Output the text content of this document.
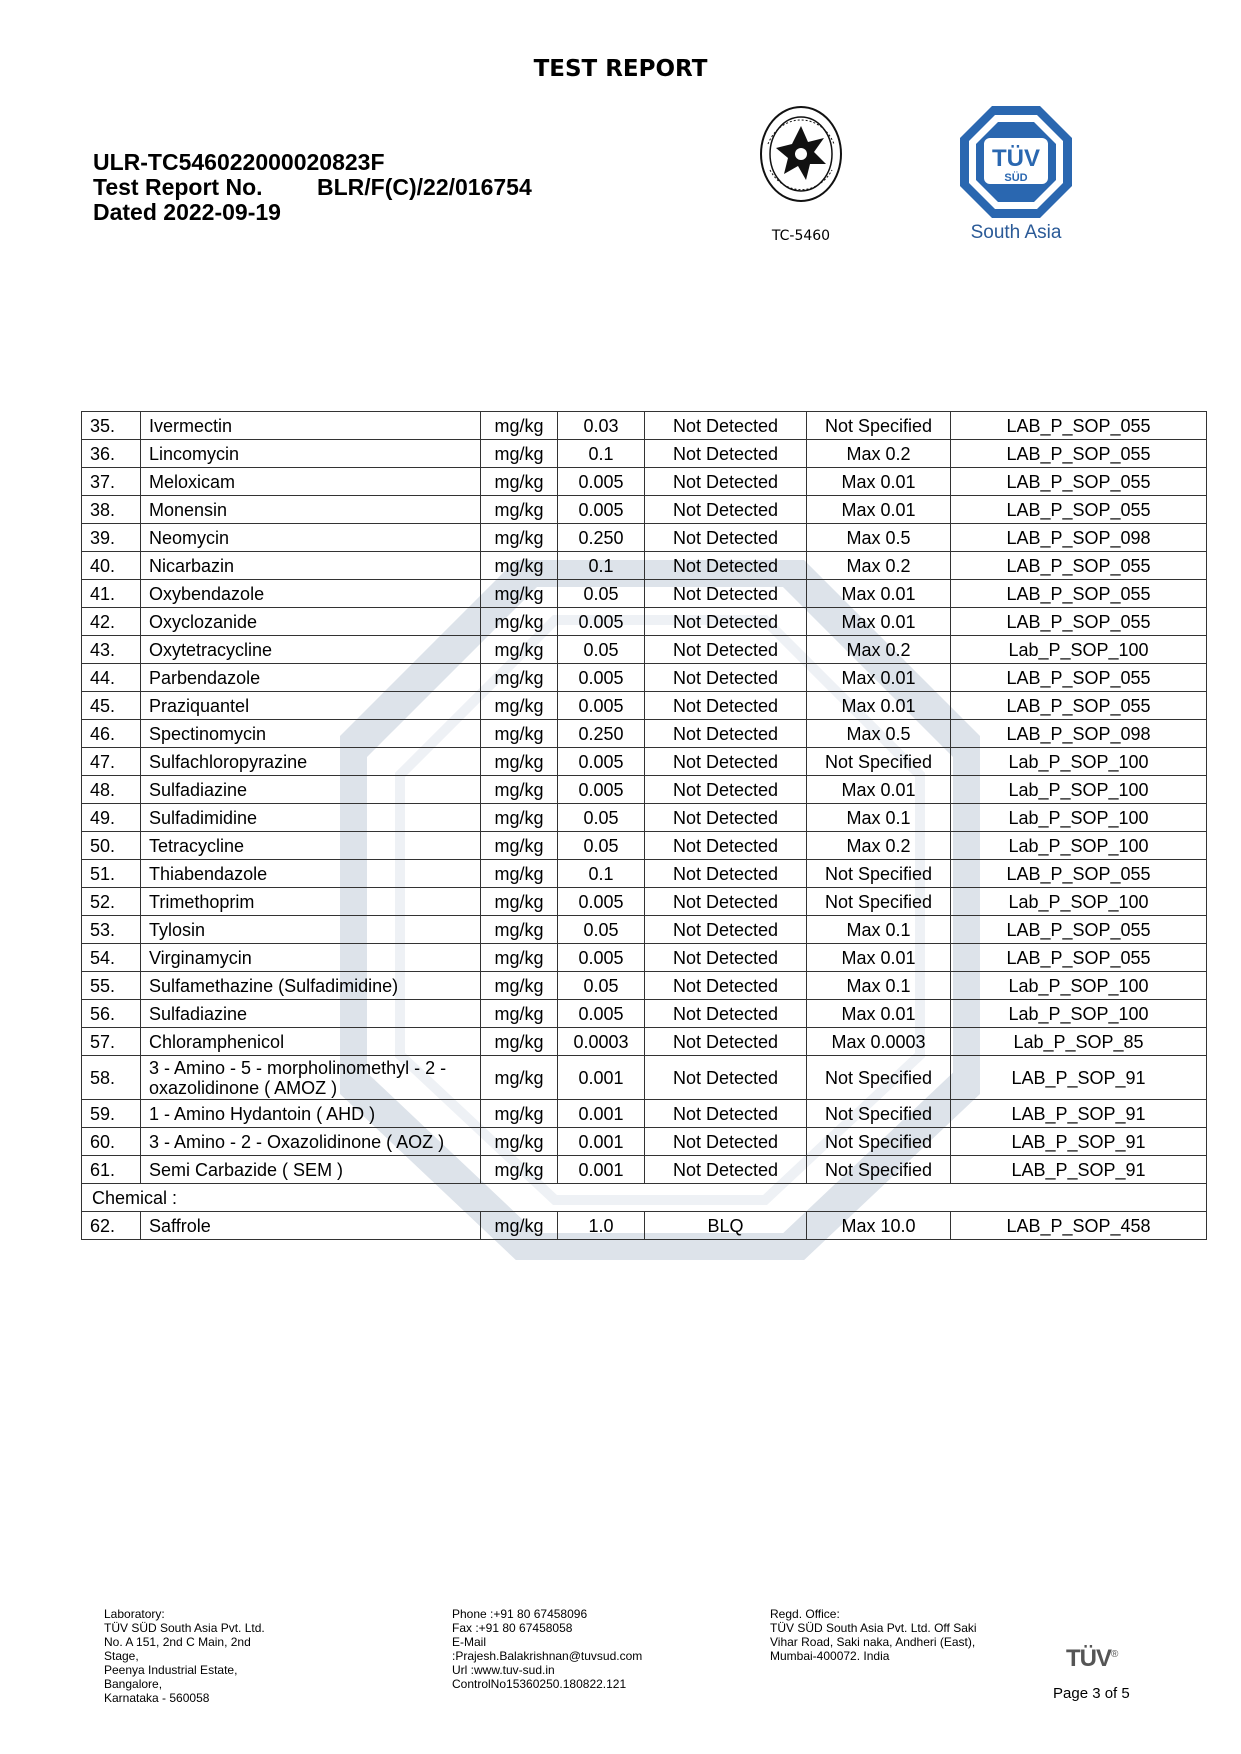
TEST REPORT
ULR-TC546022000020823F
Test Report No. BLR/F(C)/22/016754
Dated 2022-09-19
TC-5460
TÜV
SÜD
South Asia
35.	Ivermectin	mg/kg	0.03	Not Detected	Not Specified	LAB_P_SOP_055
36.	Lincomycin	mg/kg	0.1	Not Detected	Max 0.2	LAB_P_SOP_055
37.	Meloxicam	mg/kg	0.005	Not Detected	Max 0.01	LAB_P_SOP_055
38.	Monensin	mg/kg	0.005	Not Detected	Max 0.01	LAB_P_SOP_055
39.	Neomycin	mg/kg	0.250	Not Detected	Max 0.5	LAB_P_SOP_098
40.	Nicarbazin	mg/kg	0.1	Not Detected	Max 0.2	LAB_P_SOP_055
41.	Oxybendazole	mg/kg	0.05	Not Detected	Max 0.01	LAB_P_SOP_055
42.	Oxyclozanide	mg/kg	0.005	Not Detected	Max 0.01	LAB_P_SOP_055
43.	Oxytetracycline	mg/kg	0.05	Not Detected	Max 0.2	Lab_P_SOP_100
44.	Parbendazole	mg/kg	0.005	Not Detected	Max 0.01	LAB_P_SOP_055
45.	Praziquantel	mg/kg	0.005	Not Detected	Max 0.01	LAB_P_SOP_055
46.	Spectinomycin	mg/kg	0.250	Not Detected	Max 0.5	LAB_P_SOP_098
47.	Sulfachloropyrazine	mg/kg	0.005	Not Detected	Not Specified	Lab_P_SOP_100
48.	Sulfadiazine	mg/kg	0.005	Not Detected	Max 0.01	Lab_P_SOP_100
49.	Sulfadimidine	mg/kg	0.05	Not Detected	Max 0.1	Lab_P_SOP_100
50.	Tetracycline	mg/kg	0.05	Not Detected	Max 0.2	Lab_P_SOP_100
51.	Thiabendazole	mg/kg	0.1	Not Detected	Not Specified	LAB_P_SOP_055
52.	Trimethoprim	mg/kg	0.005	Not Detected	Not Specified	Lab_P_SOP_100
53.	Tylosin	mg/kg	0.05	Not Detected	Max 0.1	LAB_P_SOP_055
54.	Virginamycin	mg/kg	0.005	Not Detected	Max 0.01	LAB_P_SOP_055
55.	Sulfamethazine (Sulfadimidine)	mg/kg	0.05	Not Detected	Max 0.1	Lab_P_SOP_100
56.	Sulfadiazine	mg/kg	0.005	Not Detected	Max 0.01	Lab_P_SOP_100
57.	Chloramphenicol	mg/kg	0.0003	Not Detected	Max 0.0003	Lab_P_SOP_85
58.	3 - Amino - 5 - morpholinomethyl - 2 - oxazolidinone ( AMOZ )	mg/kg	0.001	Not Detected	Not Specified	LAB_P_SOP_91
59.	1 - Amino Hydantoin ( AHD )	mg/kg	0.001	Not Detected	Not Specified	LAB_P_SOP_91
60.	3 - Amino - 2 - Oxazolidinone ( AOZ )	mg/kg	0.001	Not Detected	Not Specified	LAB_P_SOP_91
61.	Semi Carbazide ( SEM )	mg/kg	0.001	Not Detected	Not Specified	LAB_P_SOP_91
Chemical :						
62.	Saffrole	mg/kg	1.0	BLQ	Max 10.0	LAB_P_SOP_458
Laboratory:
TÜV SÜD South Asia Pvt. Ltd.
No. A 151, 2nd C Main, 2nd
Stage,
Peenya Industrial Estate,
Bangalore,
Karnataka - 560058
Phone :+91 80 67458096
Fax :+91 80 67458058
E-Mail
:Prajesh.Balakrishnan@tuvsud.com
Url :www.tuv-sud.in
ControlNo15360250.180822.121
Regd. Office:
TÜV SÜD South Asia Pvt. Ltd. Off Saki
Vihar Road, Saki naka, Andheri (East),
Mumbai-400072. India	TÜV®
Page 3 of 5
